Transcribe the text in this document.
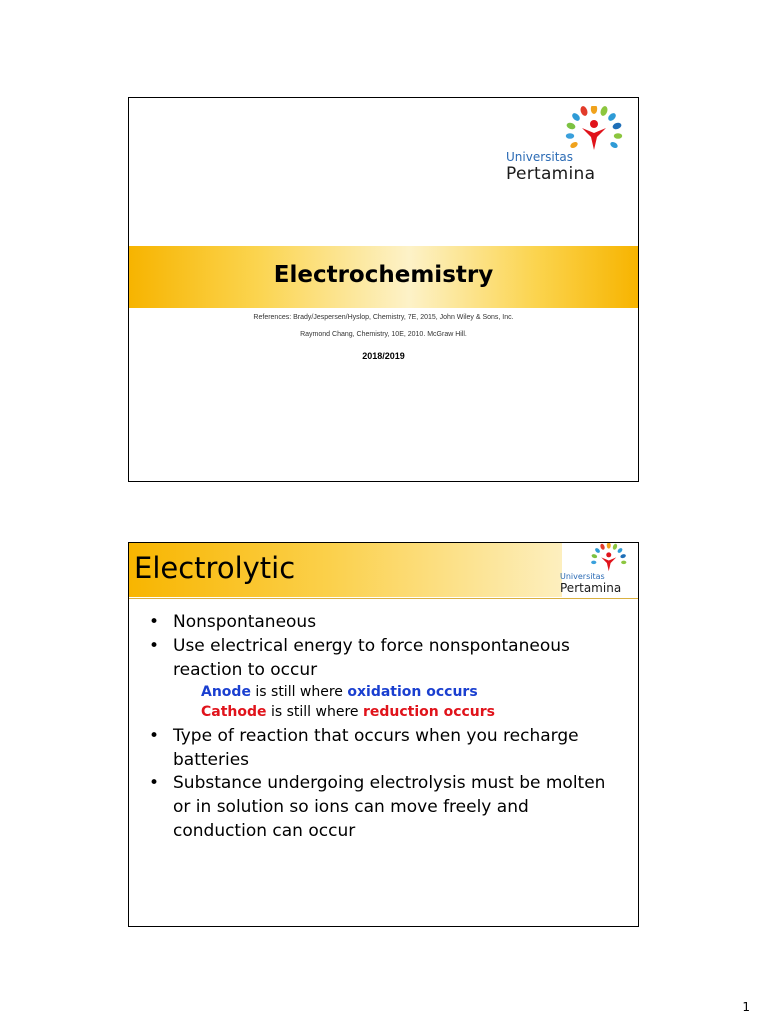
Universitas
Pertamina
Electrochemistry
References: Brady/Jespersen/Hyslop, Chemistry, 7E, 2015, John Wiley & Sons, Inc.
Raymond Chang, Chemistry, 10E, 2010. McGraw Hill.
2018/2019
Electrolytic	Universitas
Pertamina
• Nonspontaneous
• Use electrical energy to force nonspontaneous reaction to occur
Anode is still where oxidation occurs
Cathode is still where reduction occurs
• Type of reaction that occurs when you recharge batteries
• Substance undergoing electrolysis must be molten or in solution so ions can move freely and conduction can occur
1
